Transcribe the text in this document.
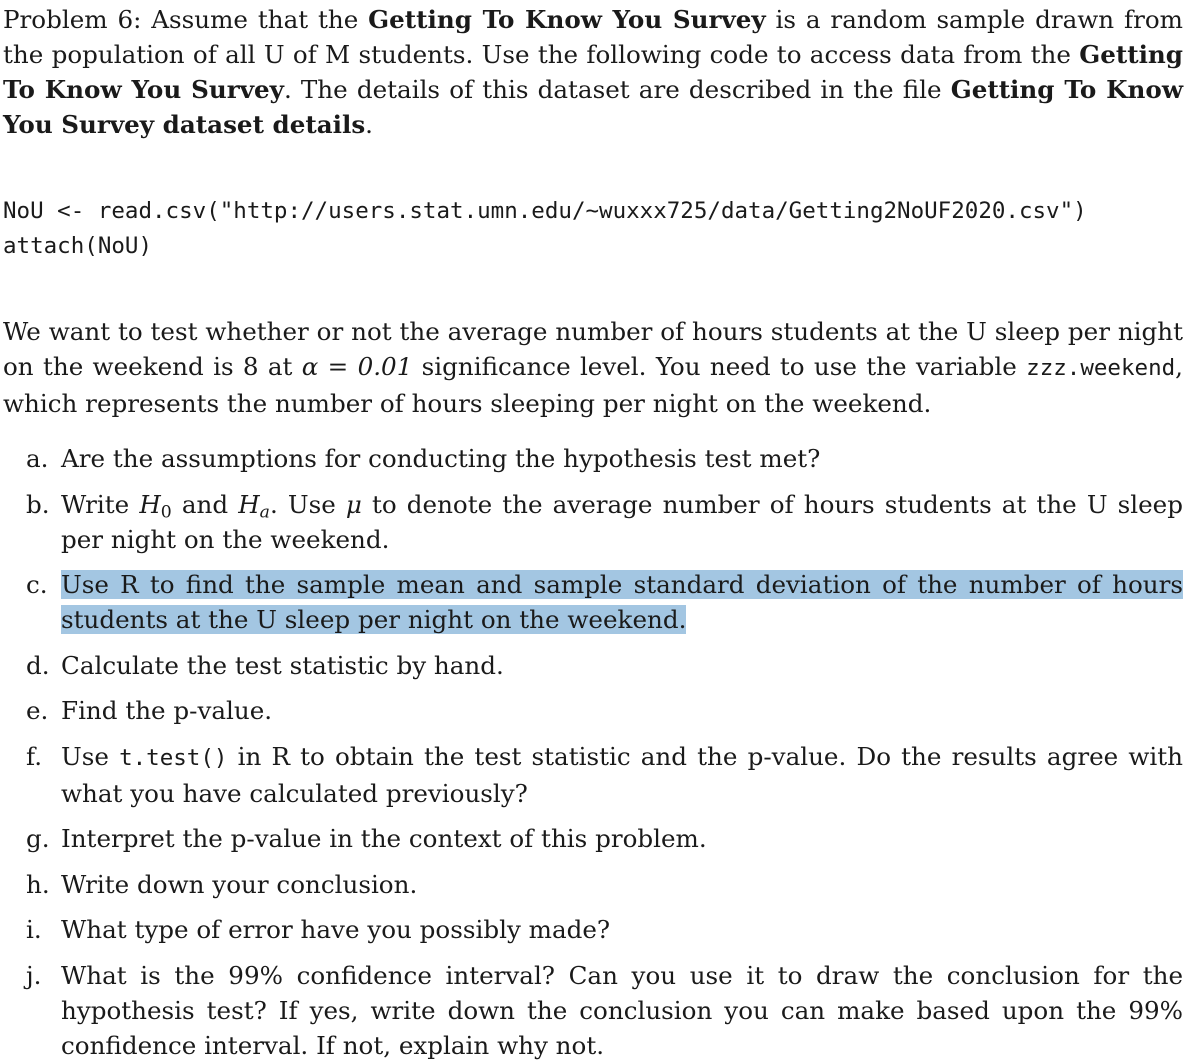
Problem 6: Assume that the Getting To Know You Survey is a random sample drawn from the population of all U of M students. Use the following code to access data from the Getting To Know You Survey. The details of this dataset are described in the file Getting To Know You Survey dataset details.

NoU <- read.csv("http://users.stat.umn.edu/~wuxxx725/data/Getting2NoUF2020.csv")
attach(NoU)

We want to test whether or not the average number of hours students at the U sleep per night on the weekend is 8 at α = 0.01 significance level. You need to use the variable zzz.weekend, which represents the number of hours sleeping per night on the weekend.

a. Are the assumptions for conducting the hypothesis test met?
b. Write $H_0$ and $H_a$. Use μ to denote the average number of hours students at the U sleep per night on the weekend.
c. Use R to find the sample mean and sample standard deviation of the number of hours students at the U sleep per night on the weekend.
d. Calculate the test statistic by hand.
e. Find the p-value.
f. Use t.test() in R to obtain the test statistic and the p-value. Do the results agree with what you have calculated previously?
g. Interpret the p-value in the context of this problem.
h. Write down your conclusion.
i. What type of error have you possibly made?
j. What is the 99% confidence interval? Can you use it to draw the conclusion for the hypothesis test? If yes, write down the conclusion you can make based upon the 99% confidence interval. If not, explain why not.
